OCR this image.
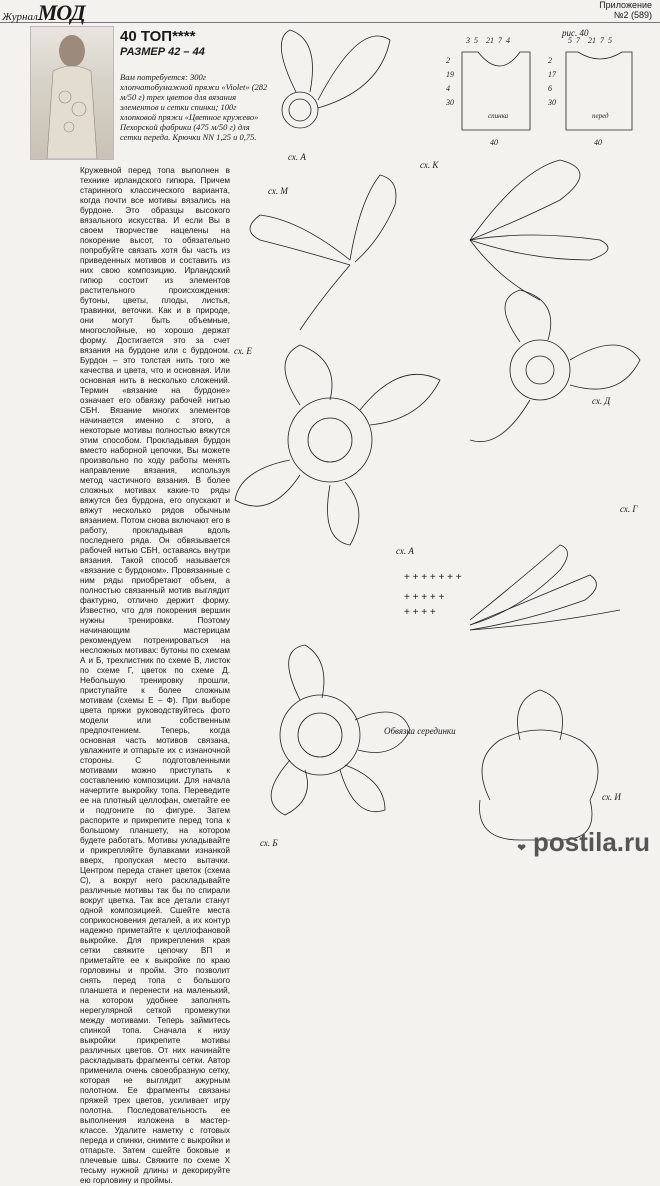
ЖурналМОД	Приложение
№2 (589)
40 ТОП****
РАЗМЕР 42 – 44
Вам потребуется: 300г хлопчатобумажной пряжи «Violet» (282 м/50 г) трех цветов для вязания элементов и сетки спинки; 100г хлопковой пряжи «Цветное кружево» Пехорской фабрики (475 м/50 г) для сетки переда. Крючки NN 1,25 и 0,75.
Кружевной перед топа выполнен в технике ирландского гипюра. Причем старинного классического варианта, когда почти все мотивы вязались на бурдоне. Это образцы высокого вязального искусства. И если Вы в своем творчестве нацелены на покорение высот, то обязательно попробуйте связать хотя бы часть из приведенных мотивов и составить из них свою композицию. Ирландский гипюр состоит из элементов растительного происхождения: бутоны, цветы, плоды, листья, травинки, веточки. Как и в природе, они могут быть объемные, многослойные, но хорошо держат форму. Достигается это за счет вязания на бурдоне или с бурдоном. Бурдон – это толстая нить того же качества и цвета, что и основная. Или основная нить в несколько сложений. Термин «вязание на бурдоне» означает его обвязку рабочей нитью СБН. Вязание многих элементов начинается именно с этого, а некоторые мотивы полностью вяжутся этим способом. Прокладывая бурдон вместо наборной цепочки, Вы можете произвольно по ходу работы менять направление вязания, используя метод частичного вязания. В более сложных мотивах какие-то ряды вяжутся без бурдона, его опускают и вяжут несколько рядов обычным вязанием. Потом снова включают его в работу, прокладывая вдоль последнего ряда. Он обвязывается рабочей нитью СБН, оставаясь внутри вязания. Такой способ называется «вязание с бурдоном». Провязанные с ним ряды приобретают объем, а полностью связанный мотив выглядит фактурно, отлично держит форму. Известно, что для покорения вершин нужны тренировки. Поэтому начинающим мастерицам рекомендуем потренироваться на несложных мотивах: бутоны по схемам А и Б, трехлистник по схеме В, листок по схеме Г, цветок по схеме Д. Небольшую тренировку прошли, приступайте к более сложным мотивам (схемы Е – Ф). При выборе цвета пряжи руководствуйтесь фото модели или собственным предпочтением. Теперь, когда основная часть мотивов связана, увлажните и отпарьте их с изнаночной стороны. С подготовленными мотивами можно приступать к составлению композиции. Для начала начертите выкройку топа. Переведите ее на плотный целлофан, сметайте ее и подгоните по фигуре. Затем распорите и прикрепите перед топа к большому планшету, на котором будете работать. Мотивы укладывайте и прикрепляйте булавками изнанкой вверх, пропуская место вытачки. Центром переда станет цветок (схема С), а вокруг него раскладывайте различные мотивы так бы по спирали вокруг цветка. Так все детали станут одной композицией. Сшейте места соприкосновения деталей, а их контур надежно приметайте к целлофановой выкройке. Для прикрепления края сетки свяжите цепочку ВП и приметайте ее к выкройке по краю горловины и пройм. Это позволит снять перед топа с большого планшета и перенести на маленький, на котором удобнее заполнять нерегулярной сеткой промежутки между мотивами. Теперь займитесь спинкой топа. Сначала к низу выкройки прикрепите мотивы различных цветов. От них начинайте раскладывать фрагменты сетки. Автор применила очень своеобразную сетку, которая не выглядит ажурным полотном. Ее фрагменты связаны пряжей трех цветов, усиливает игру полотна. Последовательность ее выполнения изложена в мастер-классе. Удалите наметку с готовых переда и спинки, снимите с выкройки и отпарьте. Затем сшейте боковые и плечевые швы. Свяжите по схеме Х тесьму нужной длины и декорируйте ею горловину и проймы.
+ + + + + + +
+ + + + +
+ + + +
рис. 40
3 5 21 7 4	5 7 21 7 5
2
19
4
30
2
17
6
30
спинка	перед
40	40
сх. А
сх. К
сх. М
сх. Е
сх. Д
сх. А
сх. Г
Обвязка серединки
сх. Б
сх. И
❤ postila.ru
